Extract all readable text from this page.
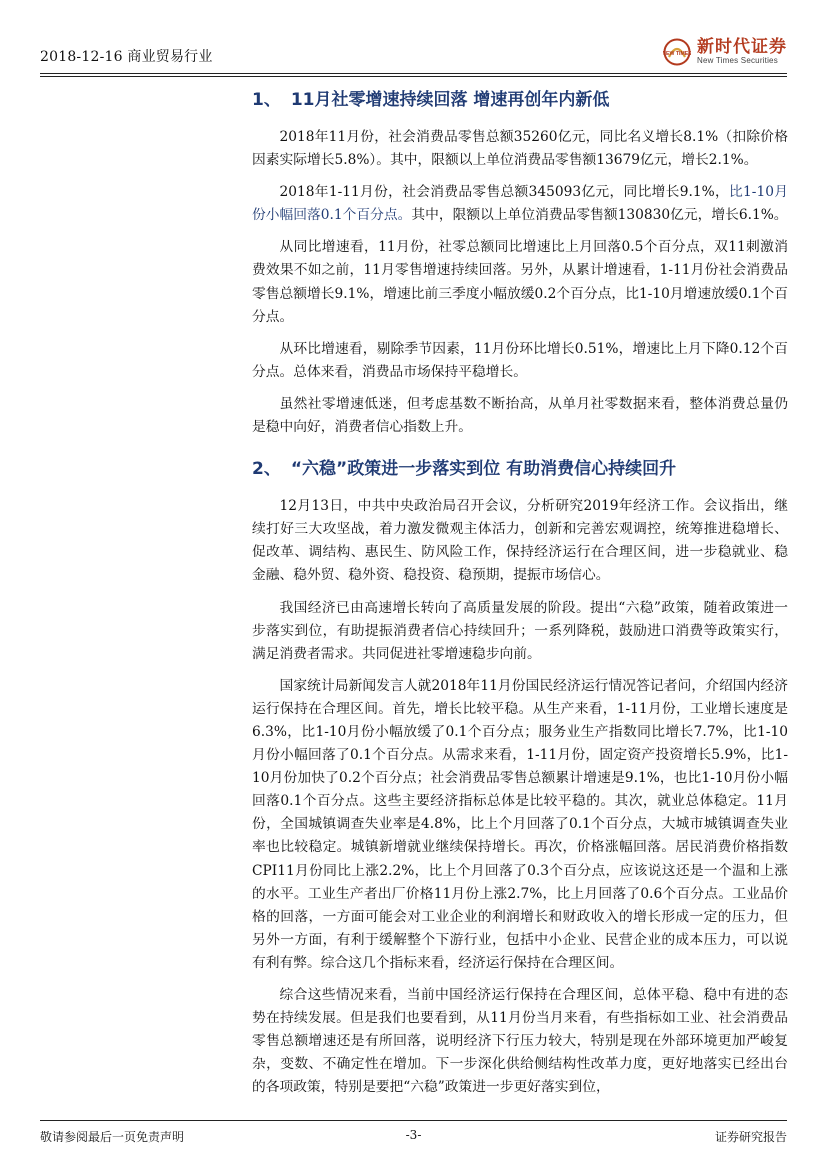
2018-12-16 商业贸易行业	NEW TIMES 新时代证券
New Times Securities
1、 11月社零增速持续回落 增速再创年内新低

2018年11月份，社会消费品零售总额35260亿元，同比名义增长8.1%（扣除价格因素实际增长5.8%）。其中，限额以上单位消费品零售额13679亿元，增长2.1%。

2018年1-11月份，社会消费品零售总额345093亿元，同比增长9.1%，比1-10月份小幅回落0.1个百分点。其中，限额以上单位消费品零售额130830亿元，增长6.1%。

从同比增速看，11月份，社零总额同比增速比上月回落0.5个百分点，双11刺激消费效果不如之前，11月零售增速持续回落。另外，从累计增速看，1-11月份社会消费品零售总额增长9.1%，增速比前三季度小幅放缓0.2个百分点，比1-10月增速放缓0.1个百分点。

从环比增速看，剔除季节因素，11月份环比增长0.51%，增速比上月下降0.12个百分点。总体来看，消费品市场保持平稳增长。

虽然社零增速低迷，但考虑基数不断抬高，从单月社零数据来看，整体消费总量仍是稳中向好，消费者信心指数上升。

2、 “六稳”政策进一步落实到位 有助消费信心持续回升

12月13日，中共中央政治局召开会议，分析研究2019年经济工作。会议指出，继续打好三大攻坚战，着力激发微观主体活力，创新和完善宏观调控，统筹推进稳增长、促改革、调结构、惠民生、防风险工作，保持经济运行在合理区间，进一步稳就业、稳金融、稳外贸、稳外资、稳投资、稳预期，提振市场信心。

我国经济已由高速增长转向了高质量发展的阶段。提出“六稳”政策，随着政策进一步落实到位，有助提振消费者信心持续回升；一系列降税，鼓励进口消费等政策实行，满足消费者需求。共同促进社零增速稳步向前。

国家统计局新闻发言人就2018年11月份国民经济运行情况答记者问，介绍国内经济运行保持在合理区间。首先，增长比较平稳。从生产来看，1-11月份，工业增长速度是6.3%，比1-10月份小幅放缓了0.1个百分点；服务业生产指数同比增长7.7%，比1-10月份小幅回落了0.1个百分点。从需求来看，1-11月份，固定资产投资增长5.9%，比1-10月份加快了0.2个百分点；社会消费品零售总额累计增速是9.1%，也比1-10月份小幅回落0.1个百分点。这些主要经济指标总体是比较平稳的。其次，就业总体稳定。11月份，全国城镇调查失业率是4.8%，比上个月回落了0.1个百分点，大城市城镇调查失业率也比较稳定。城镇新增就业继续保持增长。再次，价格涨幅回落。居民消费价格指数CPI11月份同比上涨2.2%，比上个月回落了0.3个百分点，应该说这还是一个温和上涨的水平。工业生产者出厂价格11月份上涨2.7%，比上月回落了0.6个百分点。工业品价格的回落，一方面可能会对工业企业的利润增长和财政收入的增长形成一定的压力，但另外一方面，有利于缓解整个下游行业，包括中小企业、民营企业的成本压力，可以说有利有弊。综合这几个指标来看，经济运行保持在合理区间。

综合这些情况来看，当前中国经济运行保持在合理区间，总体平稳、稳中有进的态势在持续发展。但是我们也要看到，从11月份当月来看，有些指标如工业、社会消费品零售总额增速还是有所回落，说明经济下行压力较大，特别是现在外部环境更加严峻复杂，变数、不确定性在增加。下一步深化供给侧结构性改革力度，更好地落实已经出台的各项政策，特别是要把“六稳”政策进一步更好落实到位，

敬请参阅最后一页免责声明	-3-	证券研究报告
